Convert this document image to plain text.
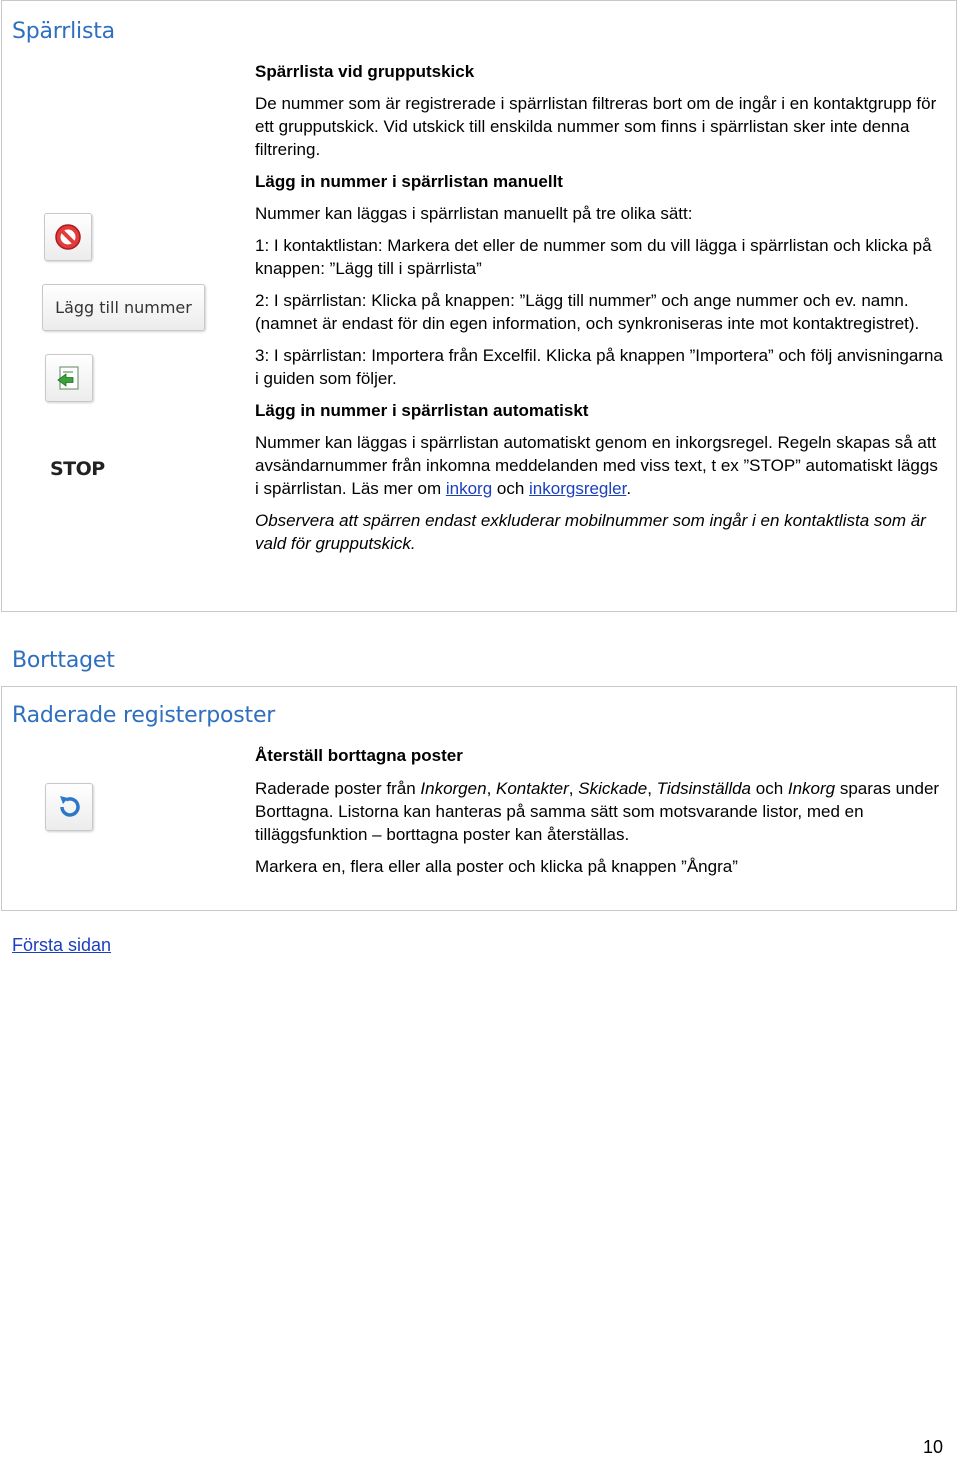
Spärrlista
Lägg till nummer
STOP

Spärrlista vid grupputskick

De nummer som är registrerade i spärrlistan filtreras bort om de ingår i en kontaktgrupp för ett grupputskick. Vid utskick till enskilda nummer som finns i spärrlistan sker inte denna filtrering.

Lägg in nummer i spärrlistan manuellt

Nummer kan läggas i spärrlistan manuellt på tre olika sätt:

1: I kontaktlistan: Markera det eller de nummer som du vill lägga i spärrlistan och klicka på knappen: ”Lägg till i spärrlista”

2: I spärrlistan: Klicka på knappen: ”Lägg till nummer” och ange nummer och ev. namn. (namnet är endast för din egen information, och synkroniseras inte mot kontaktregistret).

3: I spärrlistan: Importera från Excelfil. Klicka på knappen ”Importera” och följ anvisningarna i guiden som följer.

Lägg in nummer i spärrlistan automatiskt

Nummer kan läggas i spärrlistan automatiskt genom en inkorgsregel. Regeln skapas så att avsändarnummer från inkomna meddelanden med viss text, t ex ”STOP” automatiskt läggs i spärrlistan. Läs mer om inkorg och inkorgsregler.

Observera att spärren endast exkluderar mobilnummer som ingår i en kontaktlista som är vald för grupputskick.

Borttaget
Raderade registerposter

Återställ borttagna poster

Raderade poster från Inkorgen, Kontakter, Skickade, Tidsinställda och Inkorg sparas under Borttagna. Listorna kan hanteras på samma sätt som motsvarande listor, med en tilläggsfunktion – borttagna poster kan återställas.

Markera en, flera eller alla poster och klicka på knappen ”Ångra”

Första sidan
10
